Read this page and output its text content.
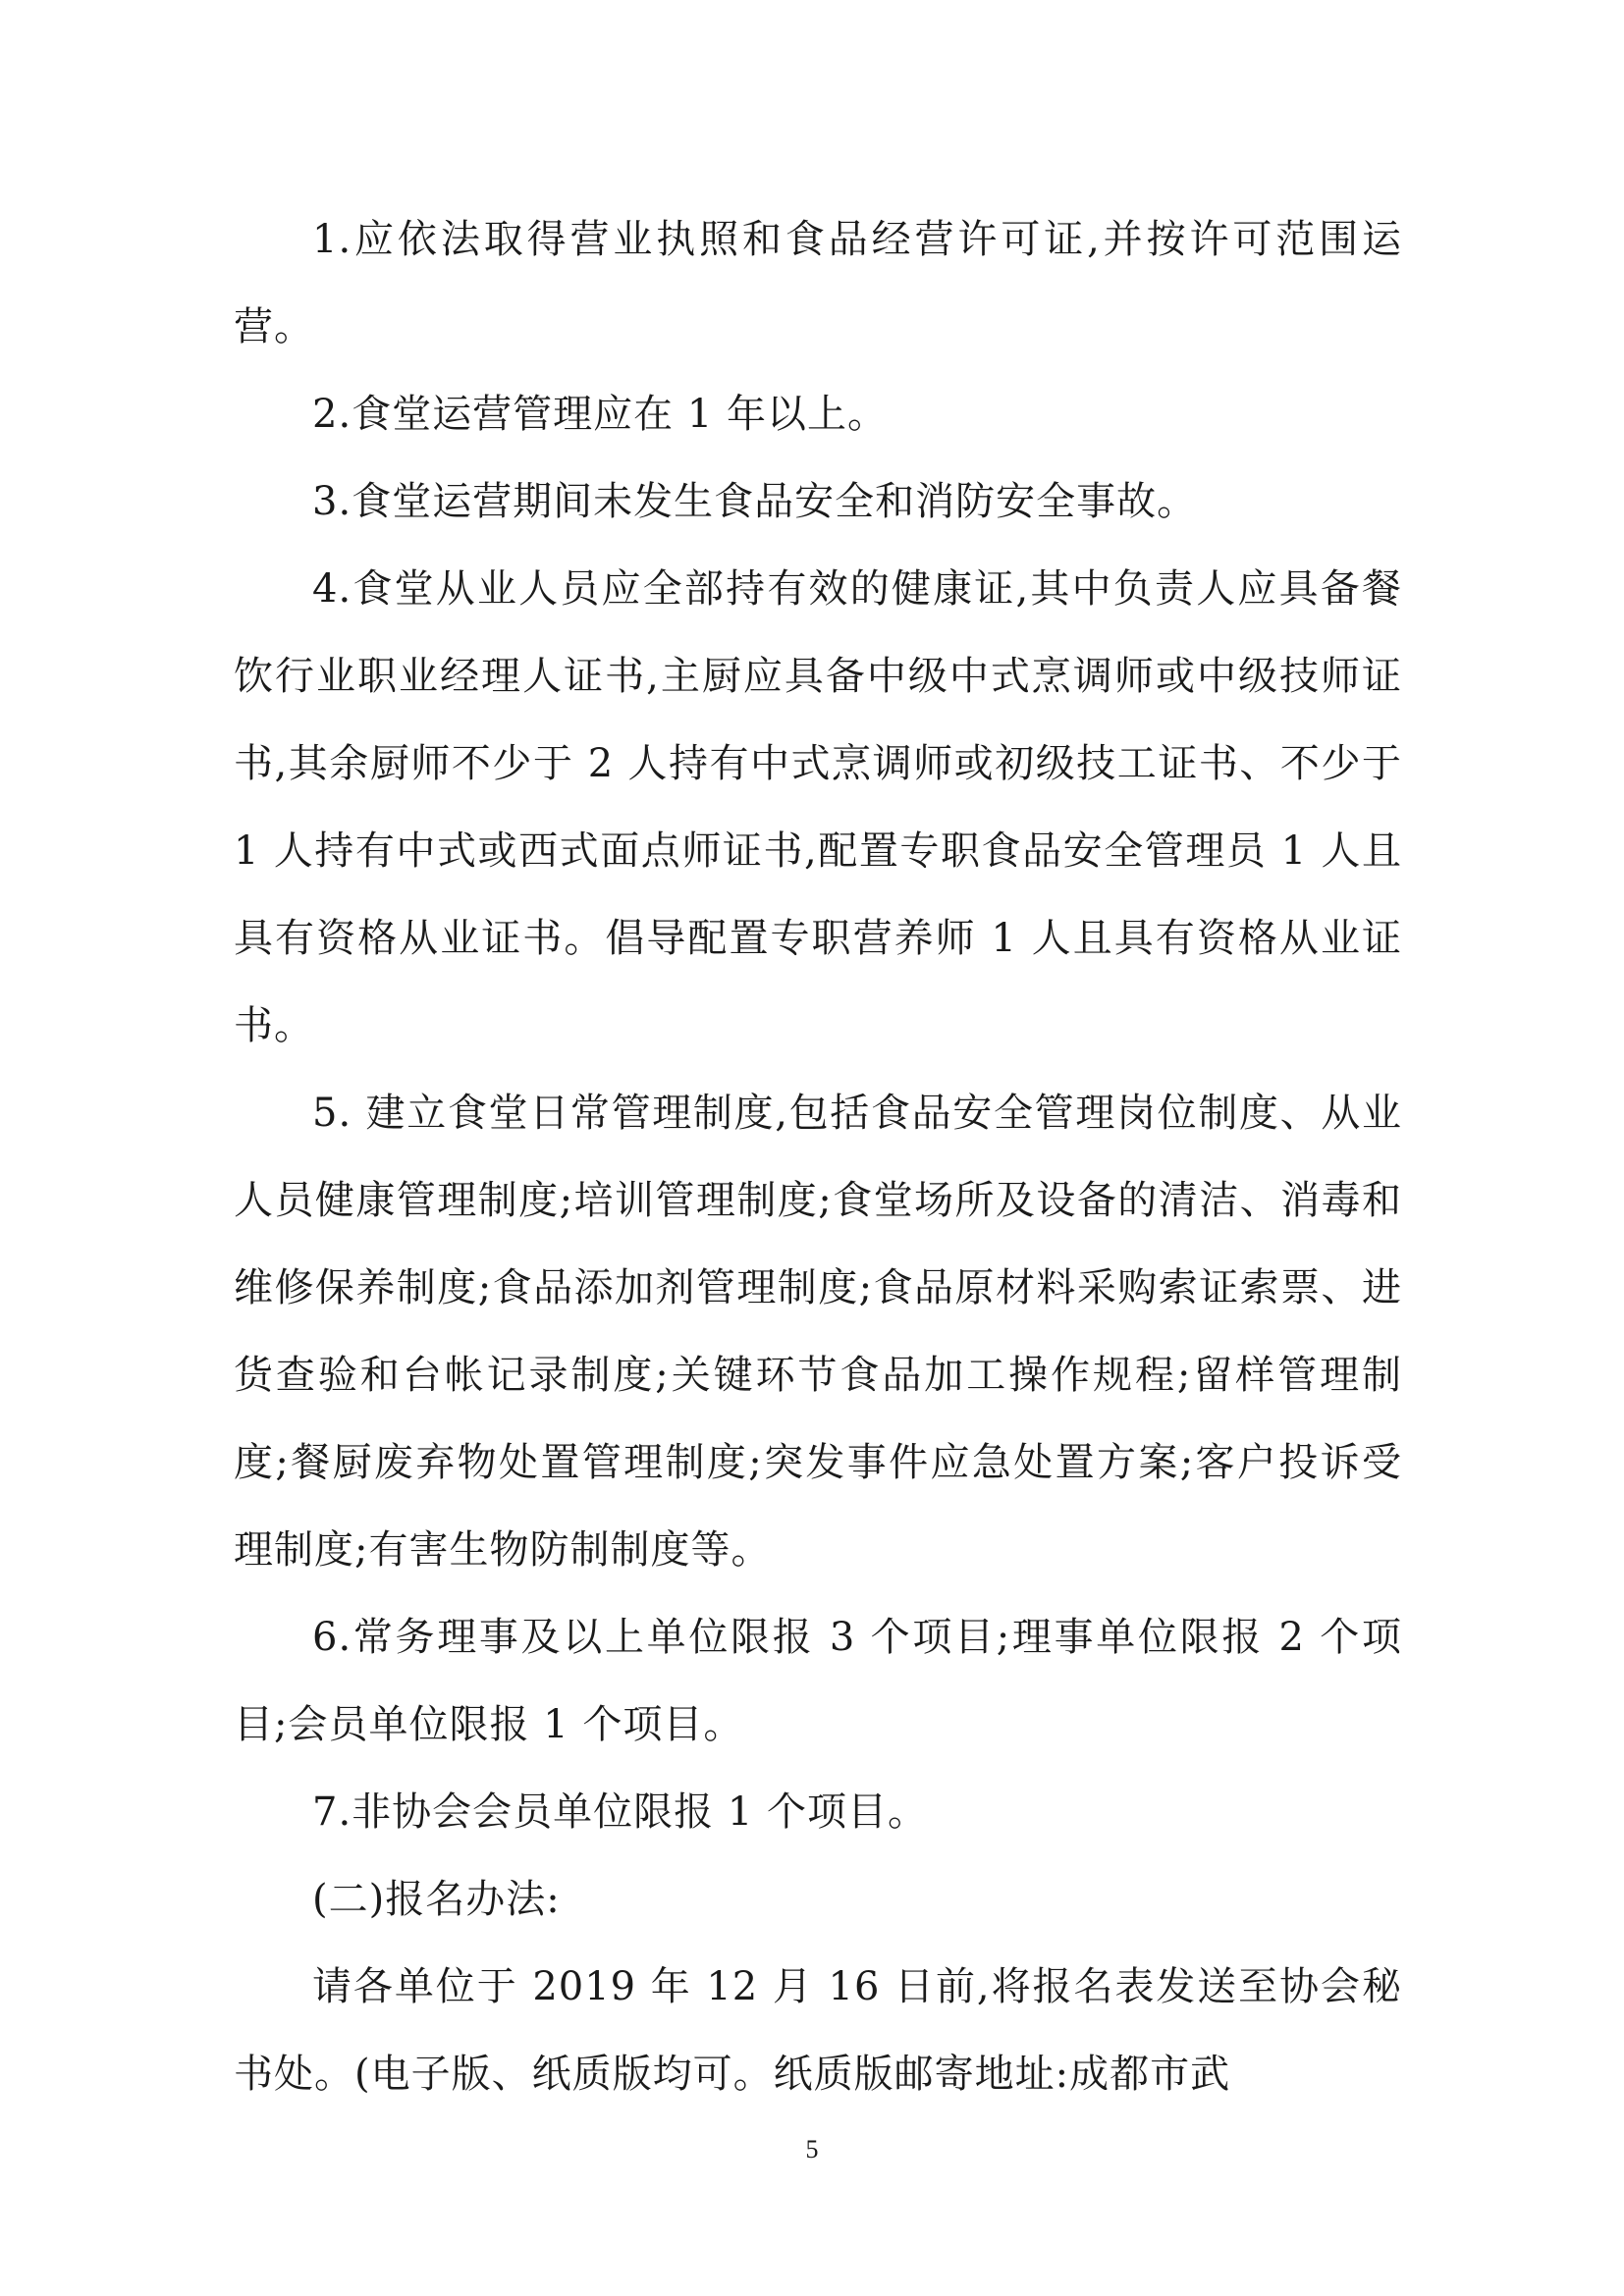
1.应依法取得营业执照和食品经营许可证,并按许可范围运营。

2.食堂运营管理应在 1 年以上。

3.食堂运营期间未发生食品安全和消防安全事故。

4.食堂从业人员应全部持有效的健康证,其中负责人应具备餐饮行业职业经理人证书,主厨应具备中级中式烹调师或中级技师证书,其余厨师不少于 2 人持有中式烹调师或初级技工证书、不少于 1 人持有中式或西式面点师证书,配置专职食品安全管理员 1 人且具有资格从业证书。倡导配置专职营养师 1 人且具有资格从业证书。

5. 建立食堂日常管理制度,包括食品安全管理岗位制度、从业人员健康管理制度;培训管理制度;食堂场所及设备的清洁、消毒和维修保养制度;食品添加剂管理制度;食品原材料采购索证索票、进货查验和台帐记录制度;关键环节食品加工操作规程;留样管理制度;餐厨废弃物处置管理制度;突发事件应急处置方案;客户投诉受理制度;有害生物防制制度等。

6.常务理事及以上单位限报 3 个项目;理事单位限报 2 个项目;会员单位限报 1 个项目。

7.非协会会员单位限报 1 个项目。

(二)报名办法:

请各单位于 2019 年 12 月 16 日前,将报名表发送至协会秘书处。(电子版、纸质版均可。纸质版邮寄地址:成都市武

5
